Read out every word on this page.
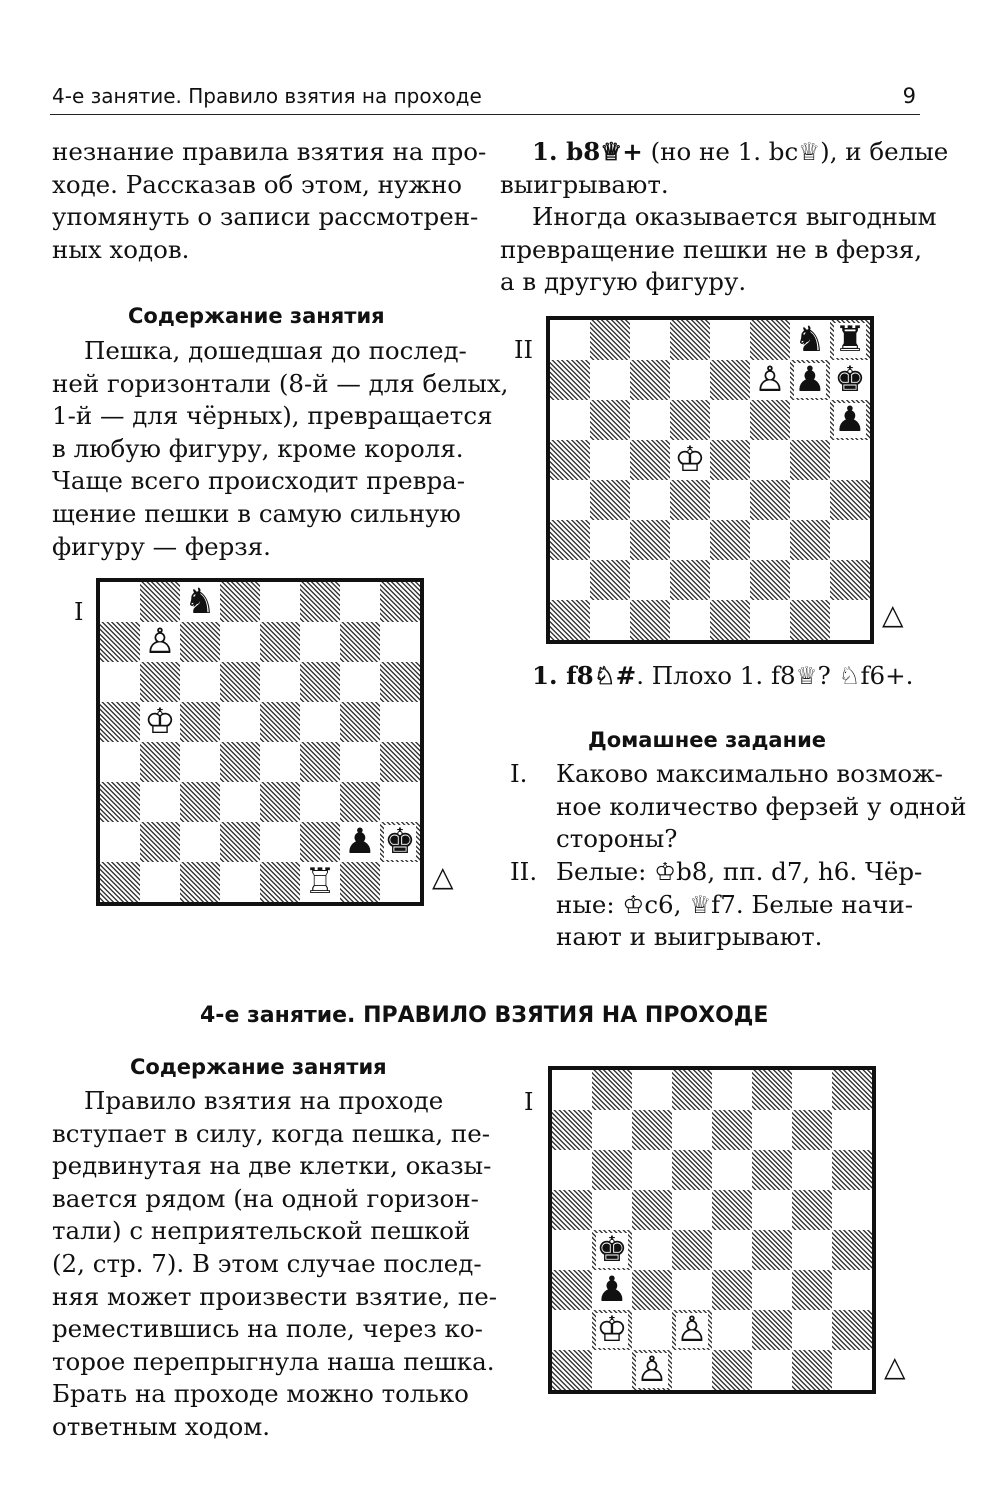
4-е занятие. Правило взятия на проходе	9
незнание правила взятия на про-
ходе. Рассказав об этом, нужно
упомянуть о записи рассмотрен-
ных ходов.
Содержание занятия
Пешка, дошедшая до послед-
ней горизонтали (8-й — для белых,
1-й — для чёрных), превращается
в любую фигуру, кроме короля.
Чаще всего происходит превра-
щение пешки в самую сильную
фигуру — ферзя.
I	♞
♙
♔
♟ ♚
♖	△
1. b8♕+ (но не 1. bc♕), и белые
выигрывают.
Иногда оказывается выгодным
превращение пешки не в ферзя,
а в другую фигуру.
II	♞ ♜
♙ ♟ ♚
♟
♔
△
1. f8♘#. Плохо 1. f8♕? ♘f6+.
Домашнее задание
I.	Каково максимально возмож-
ное количество ферзей у одной
стороны?
II. Белые: ♔b8, пп. d7, h6. Чёр-
ные: ♔c6, ♕f7. Белые начи-
нают и выигрывают.
4-е занятие. ПРАВИЛО ВЗЯТИЯ НА ПРОХОДЕ
Содержание занятия
Правило взятия на проходе
вступает в силу, когда пешка, пе-
редвинутая на две клетки, оказы-
вается рядом (на одной горизон-
тали) с неприятельской пешкой
(2, стр. 7). В этом случае послед-
няя может произвести взятие, пе-
реместившись на поле, через ко-
торое перепрыгнула наша пешка.
Брать на проходе можно только
ответным ходом.
I
♚
♟
♔ ♙
♙	△
